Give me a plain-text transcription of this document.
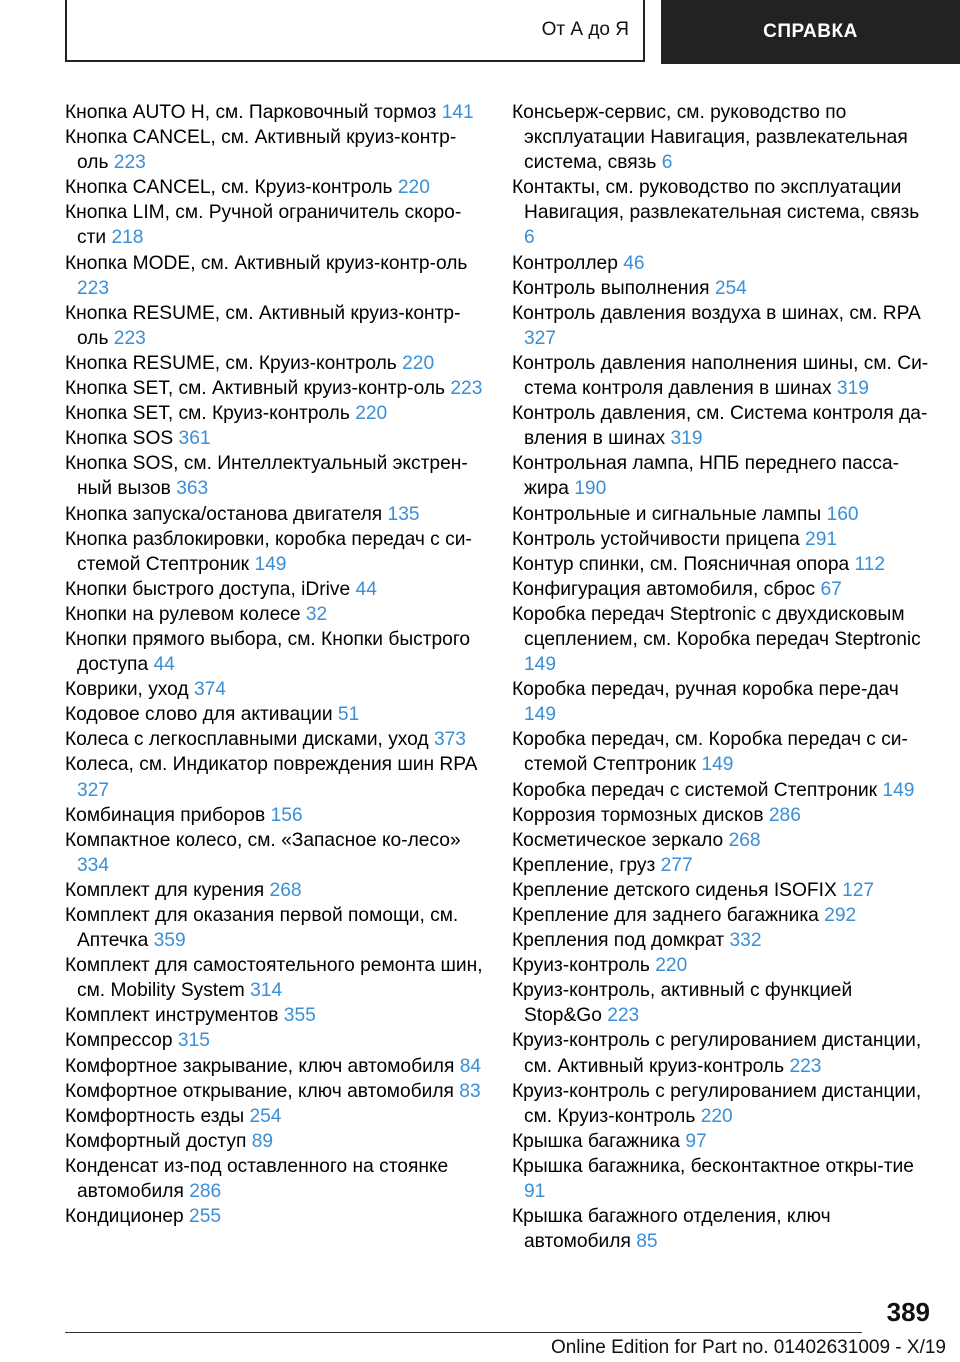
От А до Я	СПРАВКА

Кнопка AUTO H, см. Парковочный тормоз 141

Кнопка CANCEL, см. Активный круиз-контр-оль 223

Кнопка CANCEL, см. Круиз-контроль 220

Кнопка LIM, см. Ручной ограничитель скоро-сти 218

Кнопка MODE, см. Активный круиз-контр-оль 223

Кнопка RESUME, см. Активный круиз-контр-оль 223

Кнопка RESUME, см. Круиз-контроль 220

Кнопка SET, см. Активный круиз-контр-оль 223

Кнопка SET, см. Круиз-контроль 220

Кнопка SOS 361

Кнопка SOS, см. Интеллектуальный экстрен-ный вызов 363

Кнопка запуска/останова двигателя 135

Кнопка разблокировки, коробка передач с си-стемой Стептроник 149

Кнопки быстрого доступа, iDrive 44

Кнопки на рулевом колесе 32

Кнопки прямого выбора, см. Кнопки быстрого доступа 44

Коврики, уход 374

Кодовое слово для активации 51

Колеса с легкосплавными дисками, уход 373

Колеса, см. Индикатор повреждения шин RPA 327

Комбинация приборов 156

Компактное колесо, см. «Запасное ко-лесо» 334

Комплект для курения 268

Комплект для оказания первой помощи, см. Аптечка 359

Комплект для самостоятельного ремонта шин, см. Mobility System 314

Комплект инструментов 355

Компрессор 315

Комфортное закрывание, ключ автомобиля 84

Комфортное открывание, ключ автомобиля 83

Комфортность езды 254

Комфортный доступ 89

Конденсат из-под оставленного на стоянке автомобиля 286

Кондиционер 255

Консьерж-сервис, см. руководство по эксплуатации Навигация, развлекательная система, связь 6

Контакты, см. руководство по эксплуатации Навигация, развлекательная система, связь 6

Контроллер 46

Контроль выполнения 254

Контроль давления воздуха в шинах, см. RPA 327

Контроль давления наполнения шины, см. Си-стема контроля давления в шинах 319

Контроль давления, см. Система контроля да-вления в шинах 319

Контрольная лампа, НПБ переднего пасса-жира 190

Контрольные и сигнальные лампы 160

Контроль устойчивости прицепа 291

Контур спинки, см. Поясничная опора 112

Конфигурация автомобиля, сброс 67

Коробка передач Steptronic с двухдисковым сцеплением, см. Коробка передач Steptronic 149

Коробка передач, ручная коробка пере-дач 149

Коробка передач, см. Коробка передач с си-стемой Стептроник 149

Коробка передач с системой Стептроник 149

Коррозия тормозных дисков 286

Косметическое зеркало 268

Крепление, груз 277

Крепление детского сиденья ISOFIX 127

Крепление для заднего багажника 292

Крепления под домкрат 332

Круиз-контроль 220

Круиз-контроль, активный с функцией Stop&Go 223

Круиз-контроль с регулированием дистанции, см. Активный круиз-контроль 223

Круиз-контроль с регулированием дистанции, см. Круиз-контроль 220

Крышка багажника 97

Крышка багажника, бесконтактное откры-тие 91

Крышка багажного отделения, ключ автомобиля 85

389
Online Edition for Part no. 01402631009 - X/19
